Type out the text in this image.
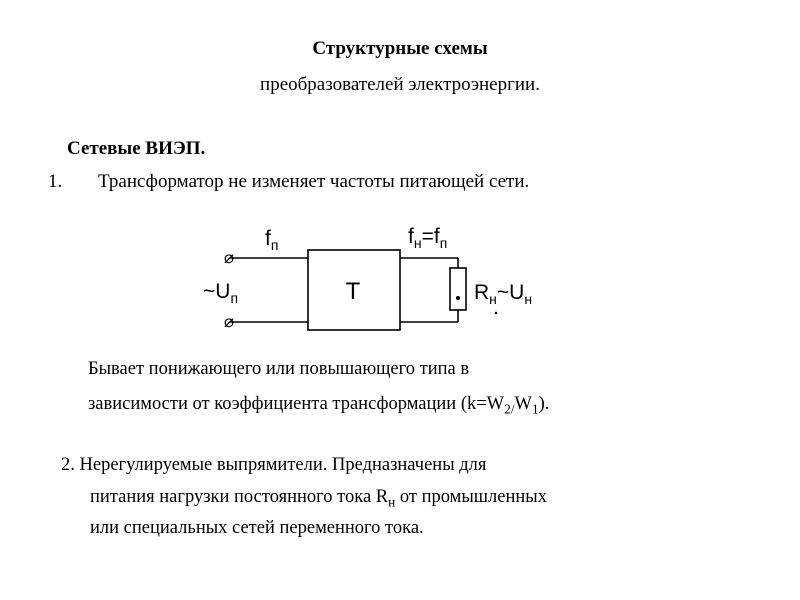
Структурные схемы
преобразователей электроэнергии.
Сетевые ВИЭП.
1. Трансформатор не изменяет частоты питающей сети.
T
⌀
⌀
$f_п$	$f_н=f_п$
$\sim U_п$	$R_н\sim U_н$
Бывает понижающего или повышающего типа в
зависимости от коэффициента трансформации $(k=W_{2/}W_1)$.
2. Нерегулируемые выпрямители. Предназначены для
питания нагрузки постоянного тока $R_н$ от промышленных
или специальных сетей переменного тока.
